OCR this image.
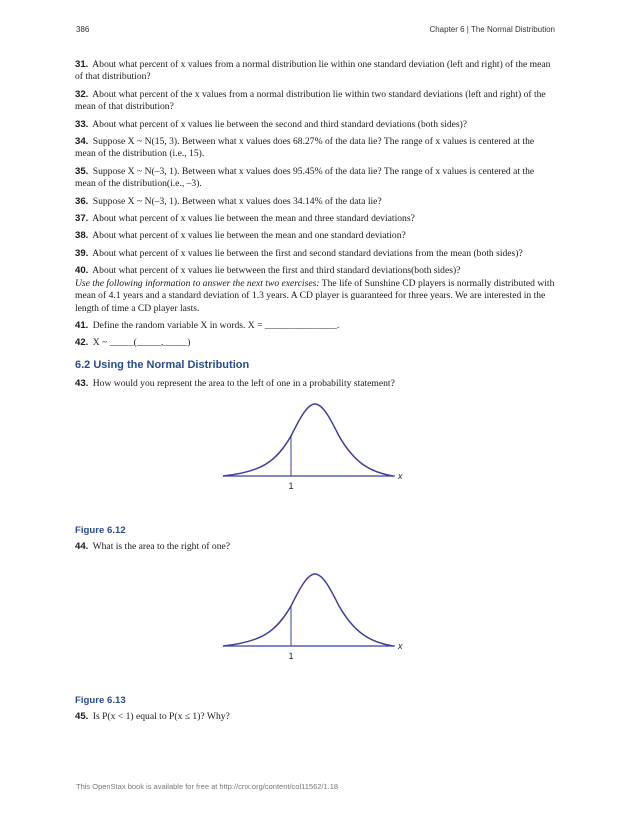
386	Chapter 6 | The Normal Distribution

31. About what percent of x values from a normal distribution lie within one standard deviation (left and right) of the mean of that distribution?

32. About what percent of the x values from a normal distribution lie within two standard deviations (left and right) of the mean of that distribution?

33. About what percent of x values lie between the second and third standard deviations (both sides)?

34. Suppose X ~ N(15, 3). Between what x values does 68.27% of the data lie? The range of x values is centered at the mean of the distribution (i.e., 15).

35. Suppose X ~ N(–3, 1). Between what x values does 95.45% of the data lie? The range of x values is centered at the mean of the distribution(i.e., –3).

36. Suppose X ~ N(–3, 1). Between what x values does 34.14% of the data lie?

37. About what percent of x values lie between the mean and three standard deviations?

38. About what percent of x values lie between the mean and one standard deviation?

39. About what percent of x values lie between the first and second standard deviations from the mean (both sides)?

40. About what percent of x values lie betwween the first and third standard deviations(both sides)?

Use the following information to answer the next two exercises: The life of Sunshine CD players is normally distributed with mean of 4.1 years and a standard deviation of 1.3 years. A CD player is guaranteed for three years. We are interested in the length of time a CD player lasts.

41. Define the random variable X in words. X = _______________.

42. X ~ _____(_____,_____)

6.2 Using the Normal Distribution

43. How would you represent the area to the left of one in a probability statement?

x
1
Figure 6.12

44. What is the area to the right of one?

x
1
Figure 6.13

45. Is P(x < 1) equal to P(x ≤ 1)? Why?

This OpenStax book is available for free at http://cnx.org/content/col11562/1.18
